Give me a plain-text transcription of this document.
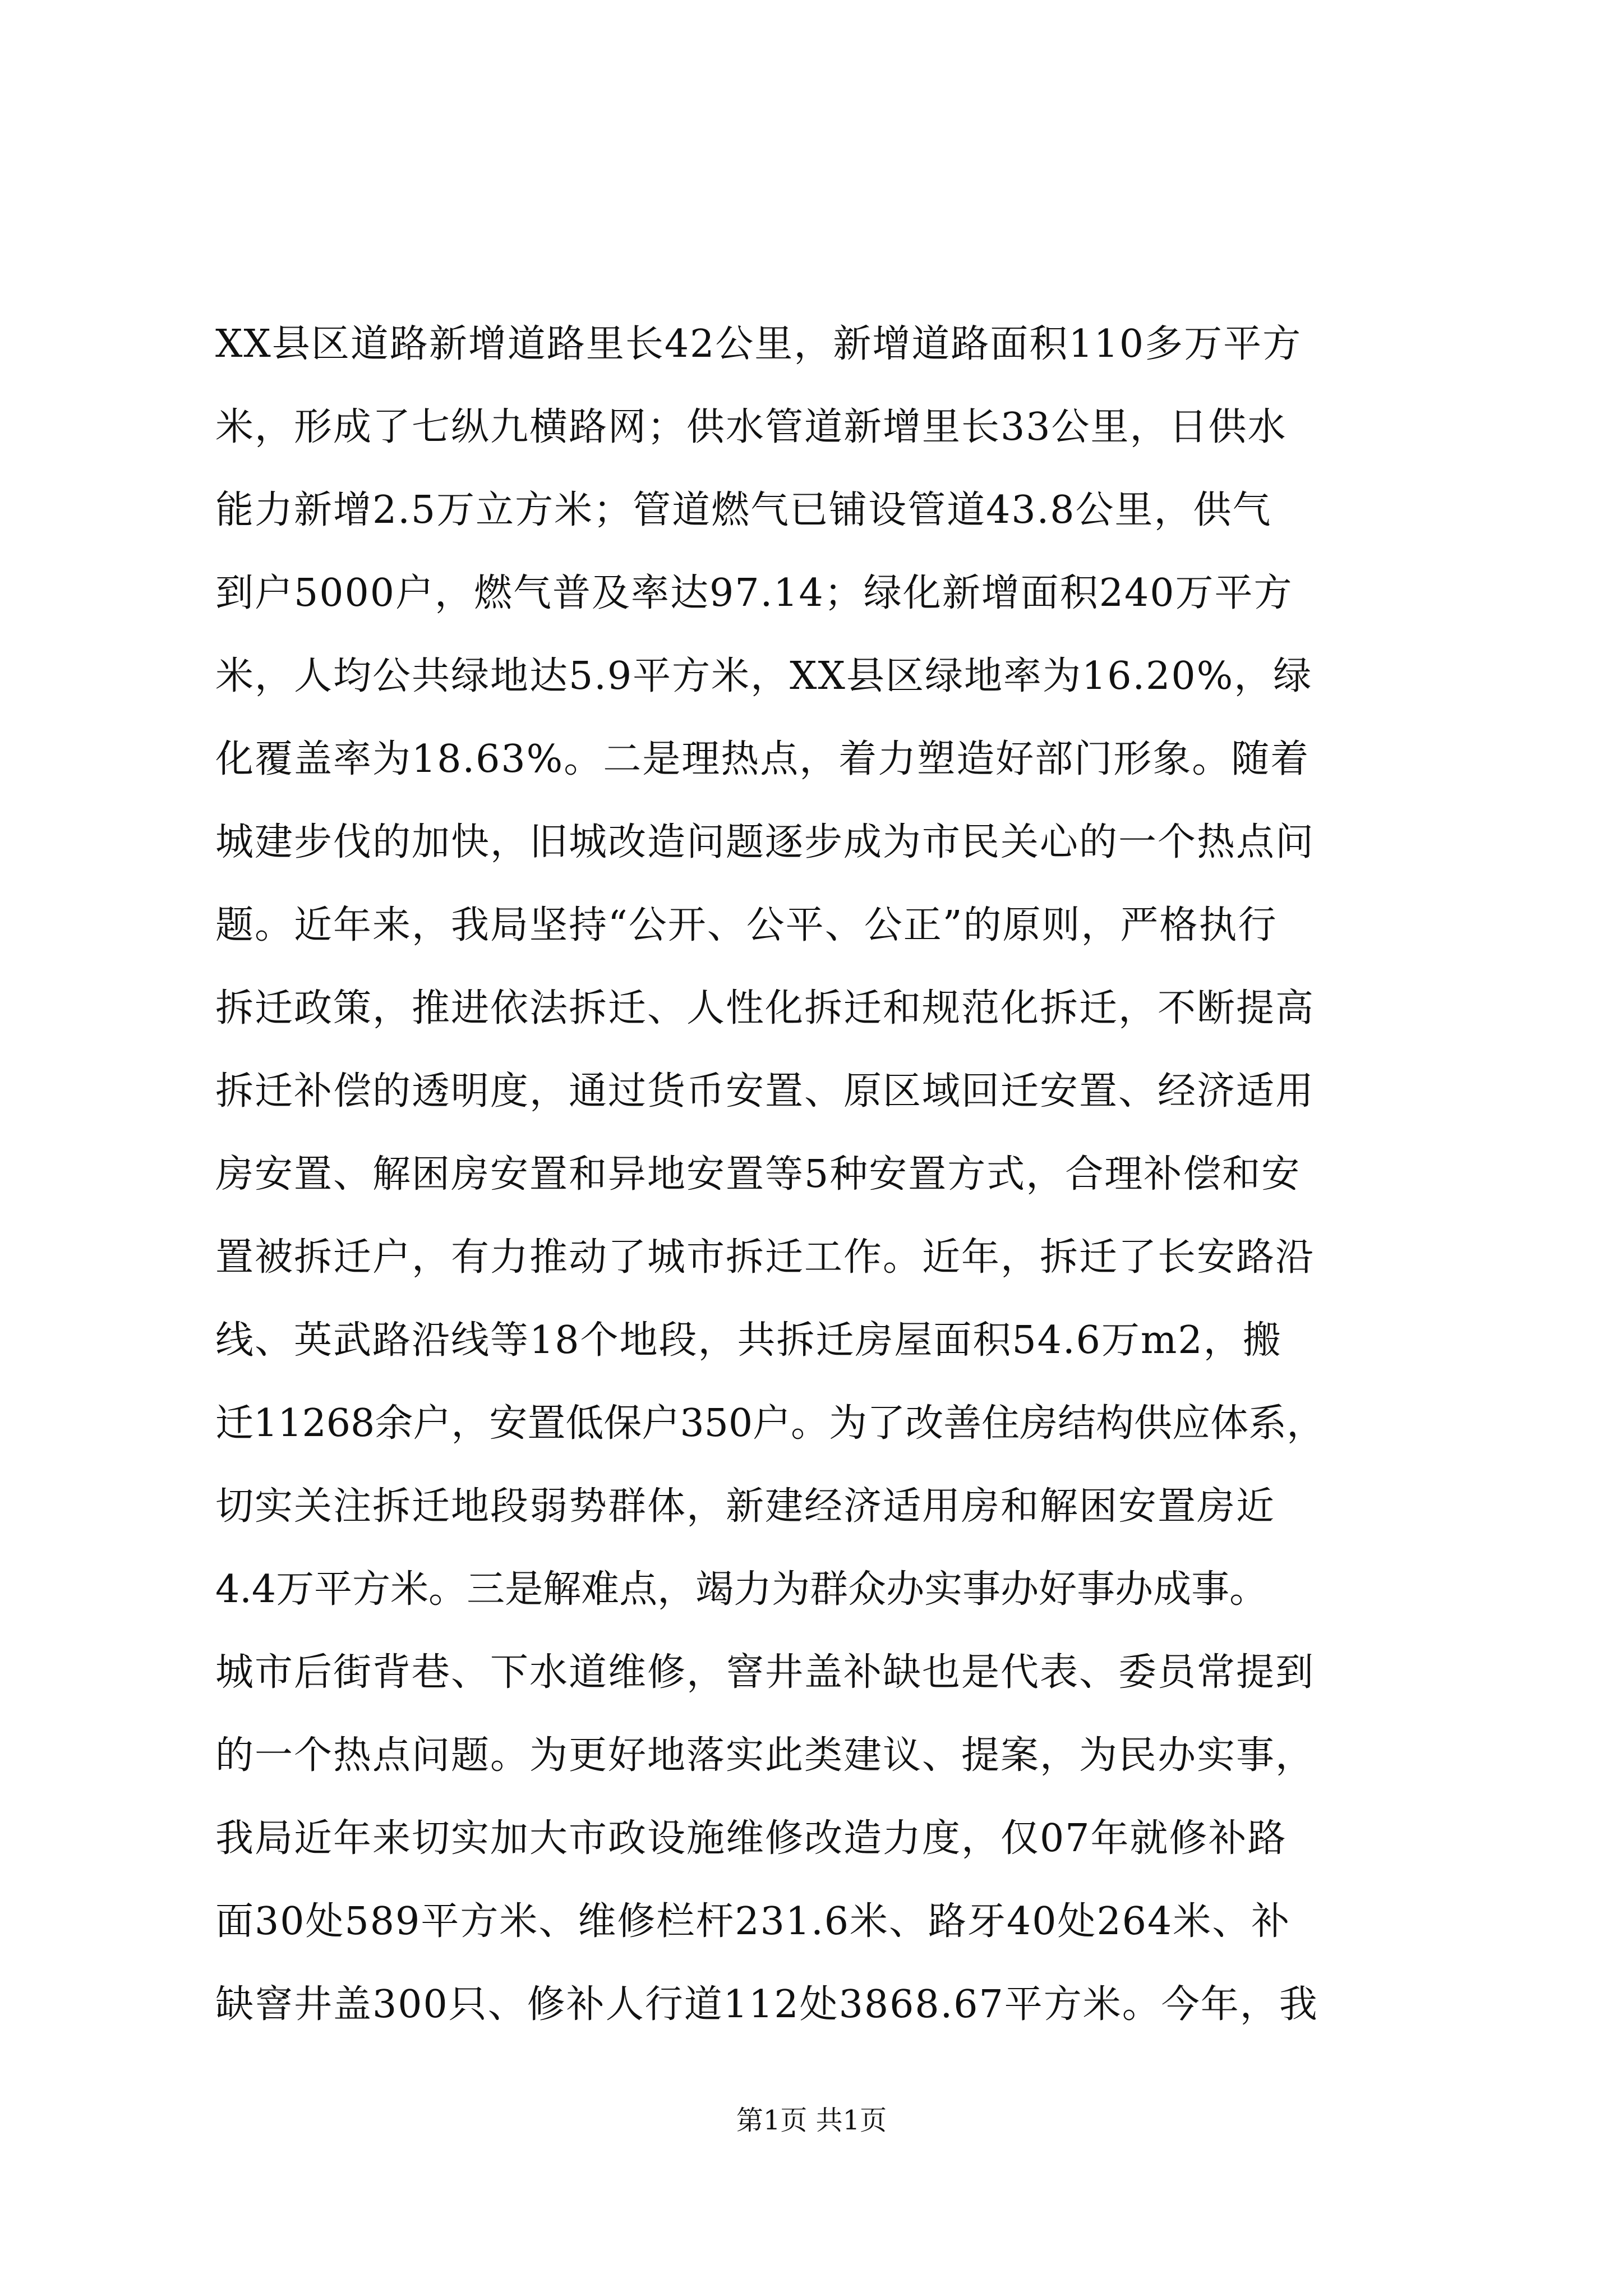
XX县区道路新增道路里长42公里，新增道路面积110多万平方
米，形成了七纵九横路网；供水管道新增里长33公里，日供水
能力新增2.5万立方米；管道燃气已铺设管道43.8公里，供气
到户5000户，燃气普及率达97.14；绿化新增面积240万平方
米，人均公共绿地达5.9平方米，XX县区绿地率为16.20%，绿
化覆盖率为18.63%。二是理热点，着力塑造好部门形象。随着
城建步伐的加快，旧城改造问题逐步成为市民关心的一个热点问
题。近年来，我局坚持“公开、公平、公正”的原则，严格执行
拆迁政策，推进依法拆迁、人性化拆迁和规范化拆迁，不断提高
拆迁补偿的透明度，通过货币安置、原区域回迁安置、经济适用
房安置、解困房安置和异地安置等5种安置方式，合理补偿和安
置被拆迁户，有力推动了城市拆迁工作。近年，拆迁了长安路沿
线、英武路沿线等18个地段，共拆迁房屋面积54.6万m2，搬
迁11268余户，安置低保户350户。为了改善住房结构供应体系，
切实关注拆迁地段弱势群体，新建经济适用房和解困安置房近
4.4万平方米。三是解难点，竭力为群众办实事办好事办成事。
城市后街背巷、下水道维修，窨井盖补缺也是代表、委员常提到
的一个热点问题。为更好地落实此类建议、提案，为民办实事，
我局近年来切实加大市政设施维修改造力度，仅07年就修补路
面30处589平方米、维修栏杆231.6米、路牙40处264米、补
缺窨井盖300只、修补人行道112处3868.67平方米。今年，我
第1页 共1页
